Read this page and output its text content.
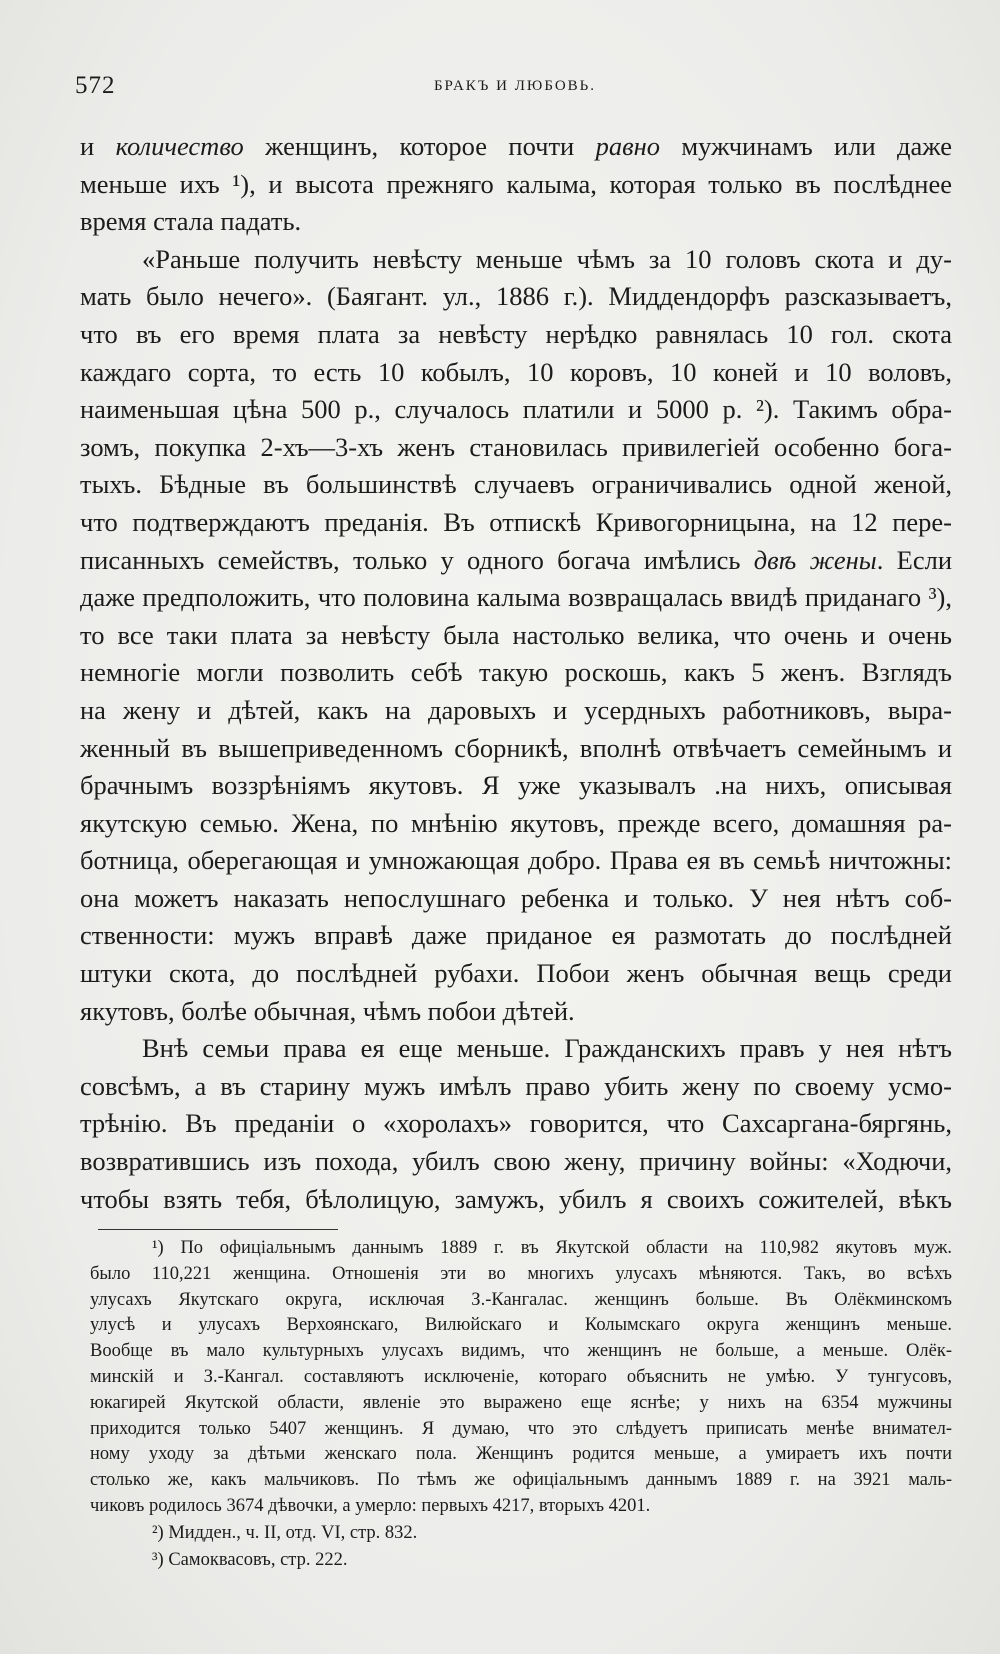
572	БРАКЪ И ЛЮБОВЬ.
и количество женщинъ, которое почти равно мужчинамъ или даже
меньше ихъ ¹), и высота прежняго калыма, которая только въ послѣднее
время стала падать.
«Раньше получить невѣсту меньше чѣмъ за 10 головъ скота и ду-
мать было нечего». (Баягант. ул., 1886 г.). Миддендорфъ разсказываетъ,
что въ его время плата за невѣсту нерѣдко равнялась 10 гол. скота
каждаго сорта, то есть 10 кобылъ, 10 коровъ, 10 коней и 10 воловъ,
наименьшая цѣна 500 р., случалось платили и 5000 р. ²). Такимъ обра-
зомъ, покупка 2-хъ—3-хъ женъ становилась привилегіей особенно бога-
тыхъ. Бѣдные въ большинствѣ случаевъ ограничивались одной женой,
что подтверждаютъ преданія. Въ отпискѣ Кривогорницына, на 12 пере-
писанныхъ семействъ, только у одного богача имѣлись двѣ жены. Если
даже предположить, что половина калыма возвращалась ввидѣ приданаго ³),
то все таки плата за невѣсту была настолько велика, что очень и очень
немногіе могли позволить себѣ такую роскошь, какъ 5 женъ. Взглядъ
на жену и дѣтей, какъ на даровыхъ и усердныхъ работниковъ, выра-
женный въ вышеприведенномъ сборникѣ, вполнѣ отвѣчаетъ семейнымъ и
брачнымъ воззрѣніямъ якутовъ. Я уже указывалъ .на нихъ, описывая
якутскую семью. Жена, по мнѣнію якутовъ, прежде всего, домашняя ра-
ботница, оберегающая и умножающая добро. Права ея въ семьѣ ничтожны:
она можетъ наказать непослушнаго ребенка и только. У нея нѣтъ соб-
ственности: мужъ вправѣ даже приданое ея размотать до послѣдней
штуки скота, до послѣдней рубахи. Побои женъ обычная вещь среди
якутовъ, болѣе обычная, чѣмъ побои дѣтей.
Внѣ семьи права ея еще меньше. Гражданскихъ правъ у нея нѣтъ
совсѣмъ, а въ старину мужъ имѣлъ право убить жену по своему усмо-
трѣнію. Въ преданіи о «хоролахъ» говорится, что Сахсаргана-бяргянь,
возвратившись изъ похода, убилъ свою жену, причину войны: «Ходючи,
чтобы взять тебя, бѣлолицую, замужъ, убилъ я своихъ сожителей, вѣкъ
¹) По офиціальнымъ даннымъ 1889 г. въ Якутской области на 110,982 якутовъ муж.
было 110,221 женщина. Отношенія эти во многихъ улусахъ мѣняются. Такъ, во всѣхъ
улусахъ Якутскаго округа, исключая З.-Кангалас. женщинъ больше. Въ Олёкминскомъ
улусѣ и улусахъ Верхоянскаго, Вилюйскаго и Колымскаго округа женщинъ меньше.
Вообще въ мало культурныхъ улусахъ видимъ, что женщинъ не больше, а меньше. Олёк-
минскій и З.-Кангал. составляютъ исключеніе, котораго объяснить не умѣю. У тунгусовъ,
юкагирей Якутской области, явленіе это выражено еще яснѣе; у нихъ на 6354 мужчины
приходится только 5407 женщинъ. Я думаю, что это слѣдуетъ приписать менѣе внимател-
ному уходу за дѣтьми женскаго пола. Женщинъ родится меньше, а умираетъ ихъ почти
столько же, какъ мальчиковъ. По тѣмъ же офиціальнымъ даннымъ 1889 г. на 3921 маль-
чиковъ родилось 3674 дѣвочки, а умерло: первыхъ 4217, вторыхъ 4201.
²) Мидден., ч. II, отд. VI, стр. 832.
³) Самоквасовъ, стр. 222.
